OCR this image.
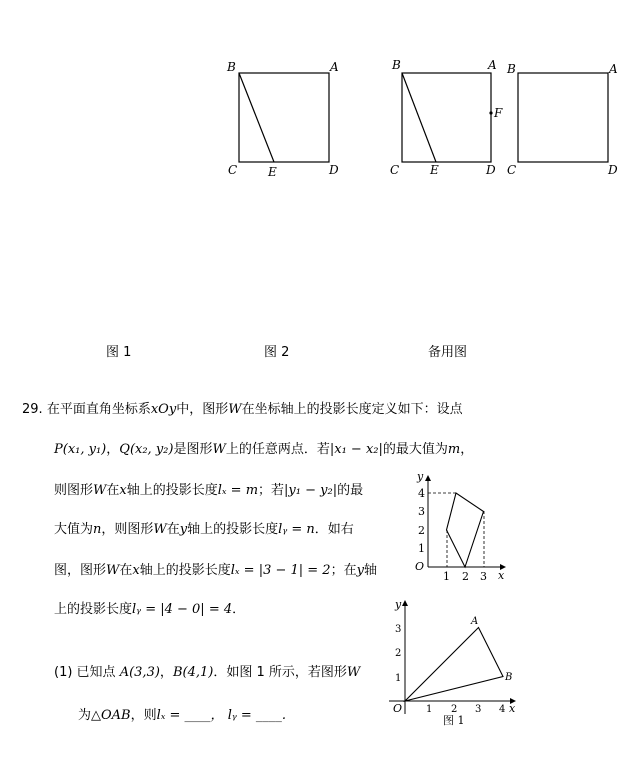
B	A
C	E	D
B	A
F
C	E	D
B	A
C	D
图 1	图 2	备用图
29. 在平面直角坐标系xOy中，图形W在坐标轴上的投影长度定义如下：设点
P(x₁, y₁)，Q(x₂, y₂)是图形W上的任意两点．若|x₁ − x₂|的最大值为m，
则图形W在x轴上的投影长度lₓ = m；若|y₁ − y₂|的最
大值为n，则图形W在y轴上的投影长度lᵧ = n．如右
图，图形W在x轴上的投影长度lₓ = |3 − 1| = 2；在y轴
上的投影长度lᵧ = |4 − 0| = 4．
(1) 已知点 A(3,3)，B(4,1)．如图 1 所示，若图形W
为△OAB，则lₓ = ____， lᵧ = ____.
O
x
y
1 2 3
1
2
3
4
A
B
O	x
y
1 2 3 4
1
2
3
图 1
